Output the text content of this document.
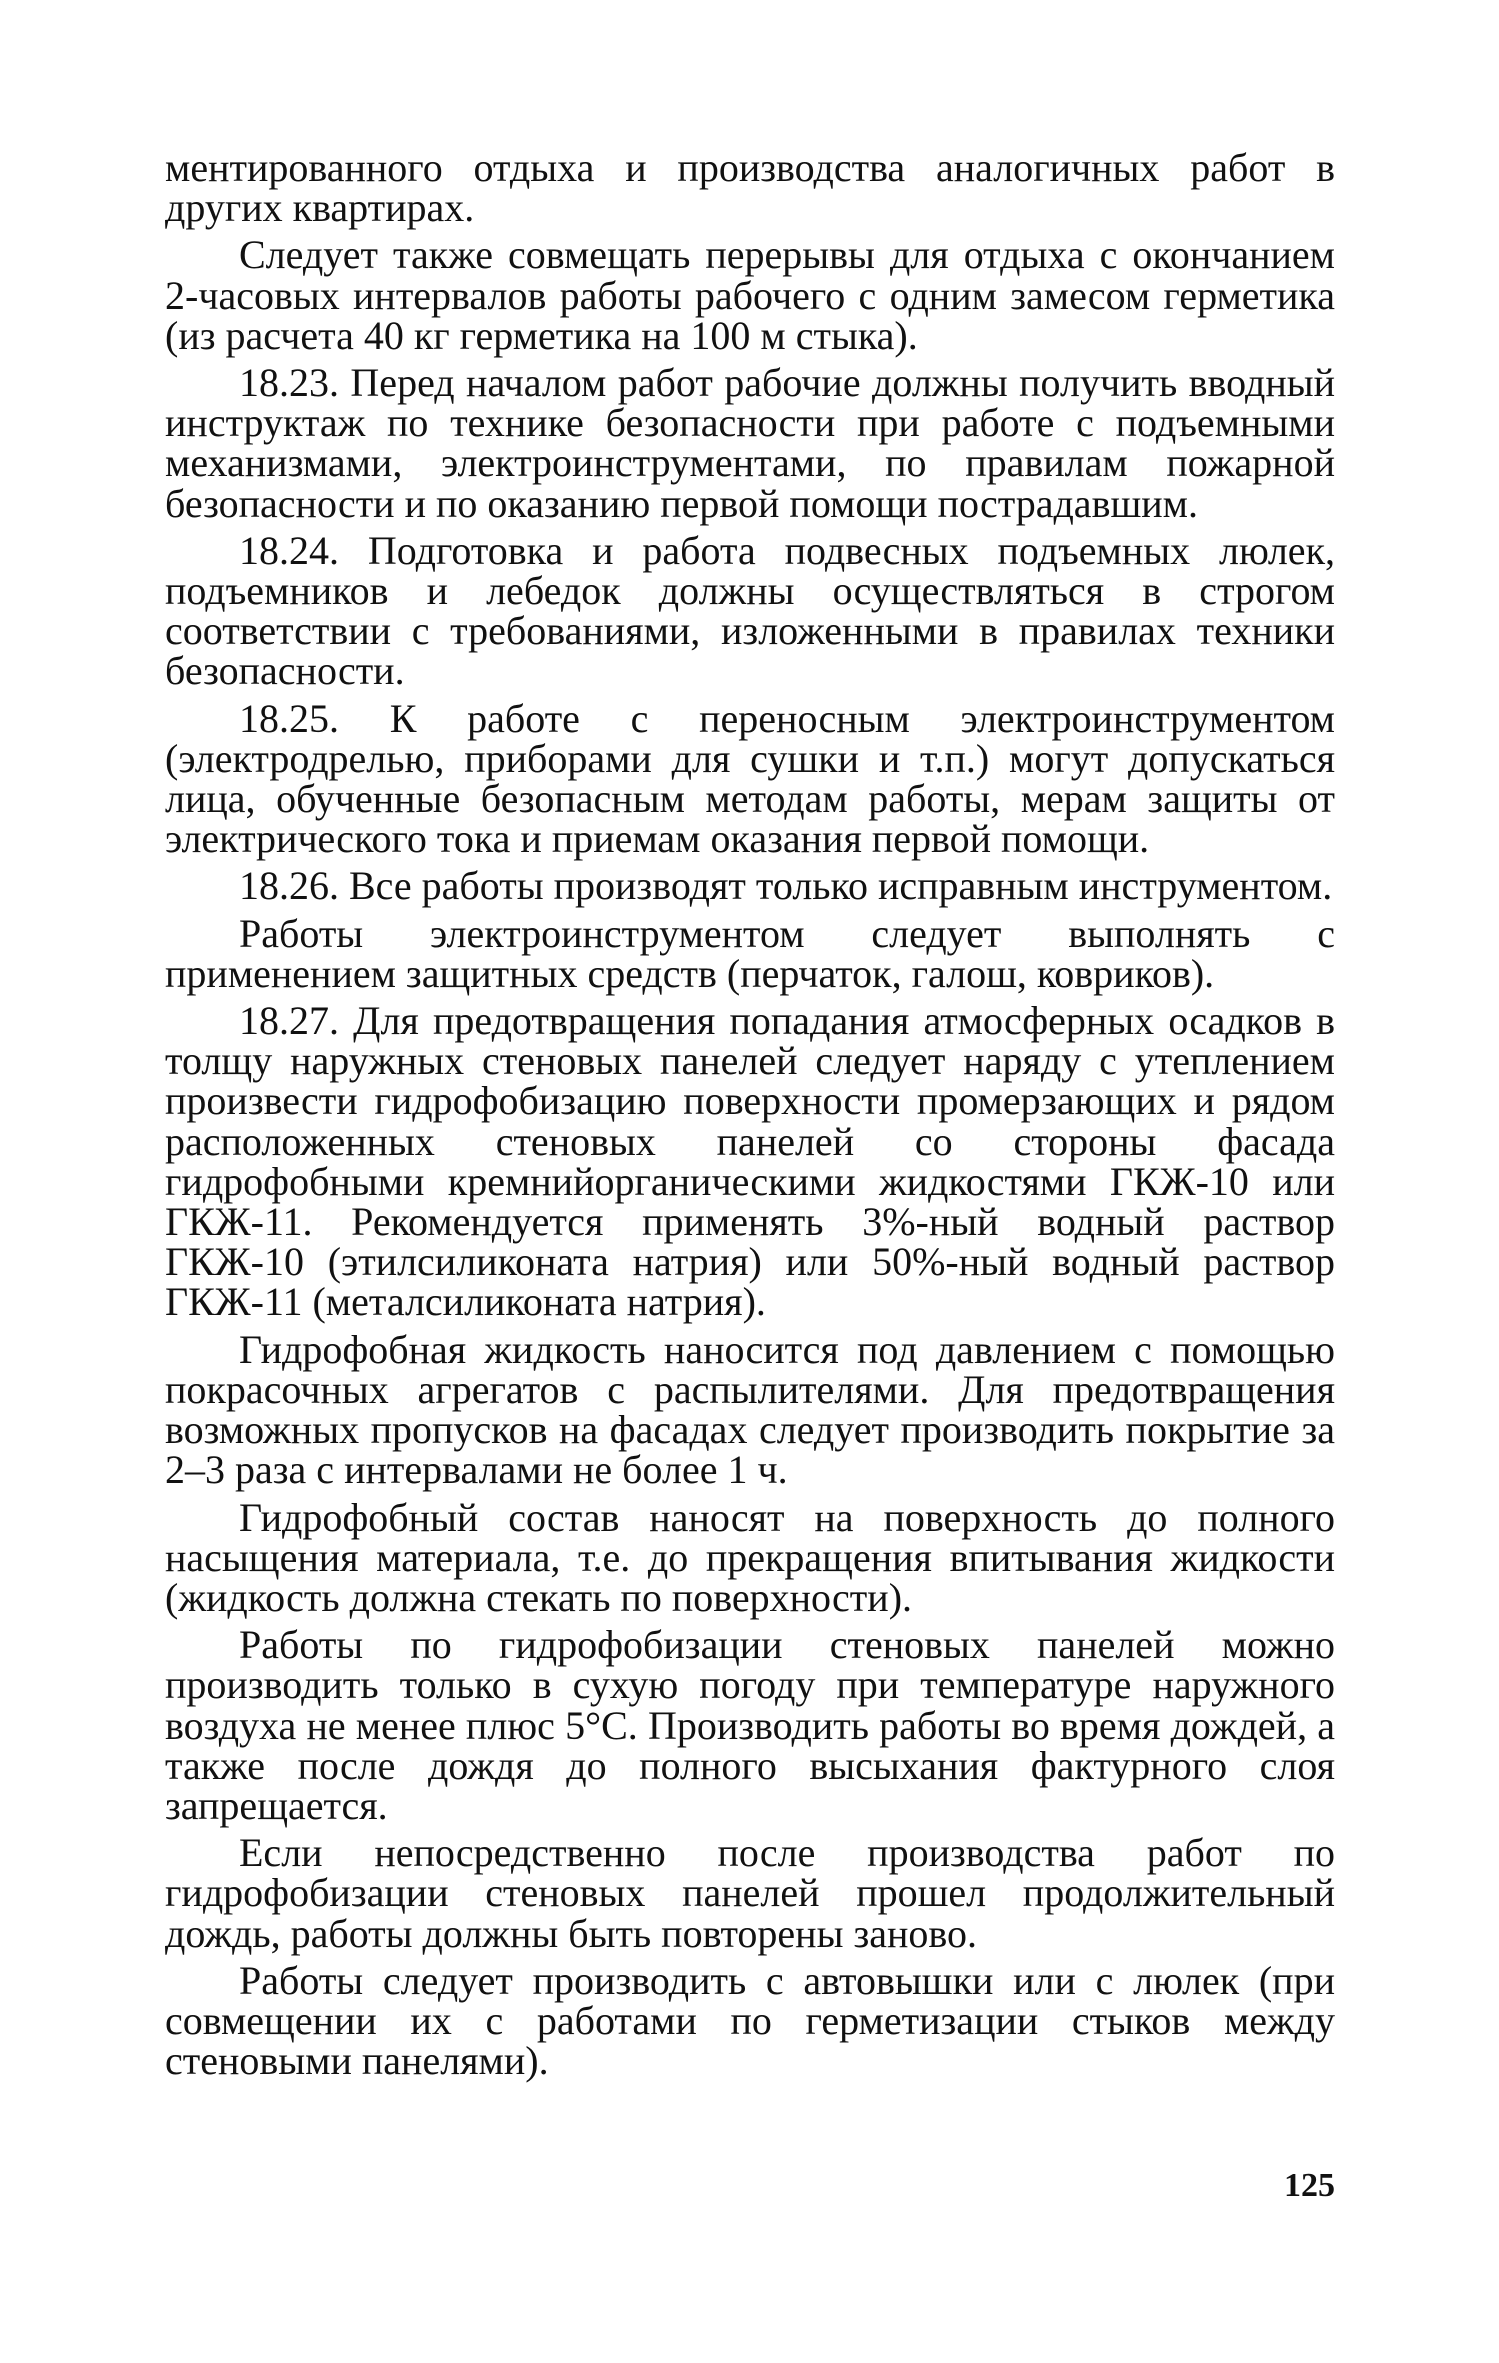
ментированного отдыха и производства аналогичных работ в других квартирах.

Следует также совмещать перерывы для отдыха с окончанием 2-часовых интервалов работы рабочего с одним замесом герметика (из расчета 40 кг герметика на 100 м стыка).

18.23. Перед началом работ рабочие должны получить вводный инструктаж по технике безопасности при работе с подъемными механизмами, электроинструментами, по правилам пожарной безопасности и по оказанию первой помощи пострадавшим.

18.24. Подготовка и работа подвесных подъемных люлек, подъемников и лебедок должны осуществляться в строгом соответствии с требованиями, изложенными в правилах техники безопасности.

18.25. К работе с переносным электроинструментом (электродрелью, приборами для сушки и т.п.) могут допускаться лица, обученные безопасным методам работы, мерам защиты от электрического тока и приемам оказания первой помощи.

18.26. Все работы производят только исправным инструментом.

Работы электроинструментом следует выполнять с применением защитных средств (перчаток, галош, ковриков).

18.27. Для предотвращения попадания атмосферных осадков в толщу наружных стеновых панелей следует наряду с утеплением произвести гидрофобизацию поверхности промерзающих и рядом расположенных стеновых панелей со стороны фасада гидрофобными кремнийорганическими жидкостями ГКЖ-10 или ГКЖ-11. Рекомендуется применять 3%-ный водный раствор ГКЖ-10 (этилсиликоната натрия) или 50%-ный водный раствор ГКЖ-11 (металсиликоната натрия).

Гидрофобная жидкость наносится под давлением с помощью покрасочных агрегатов с распылителями. Для предотвращения возможных пропусков на фасадах следует производить покрытие за 2–3 раза с интервалами не более 1 ч.

Гидрофобный состав наносят на поверхность до полного насыщения материала, т.е. до прекращения впитывания жидкости (жидкость должна стекать по поверхности).

Работы по гидрофобизации стеновых панелей можно производить только в сухую погоду при температуре наружного воздуха не менее плюс 5°С. Производить работы во время дождей, а также после дождя до полного высыхания фактурного слоя запрещается.

Если непосредственно после производства работ по гидрофобизации стеновых панелей прошел продолжительный дождь, работы должны быть повторены заново.

Работы следует производить с автовышки или с люлек (при совмещении их с работами по герметизации стыков между стеновыми панелями).

125
